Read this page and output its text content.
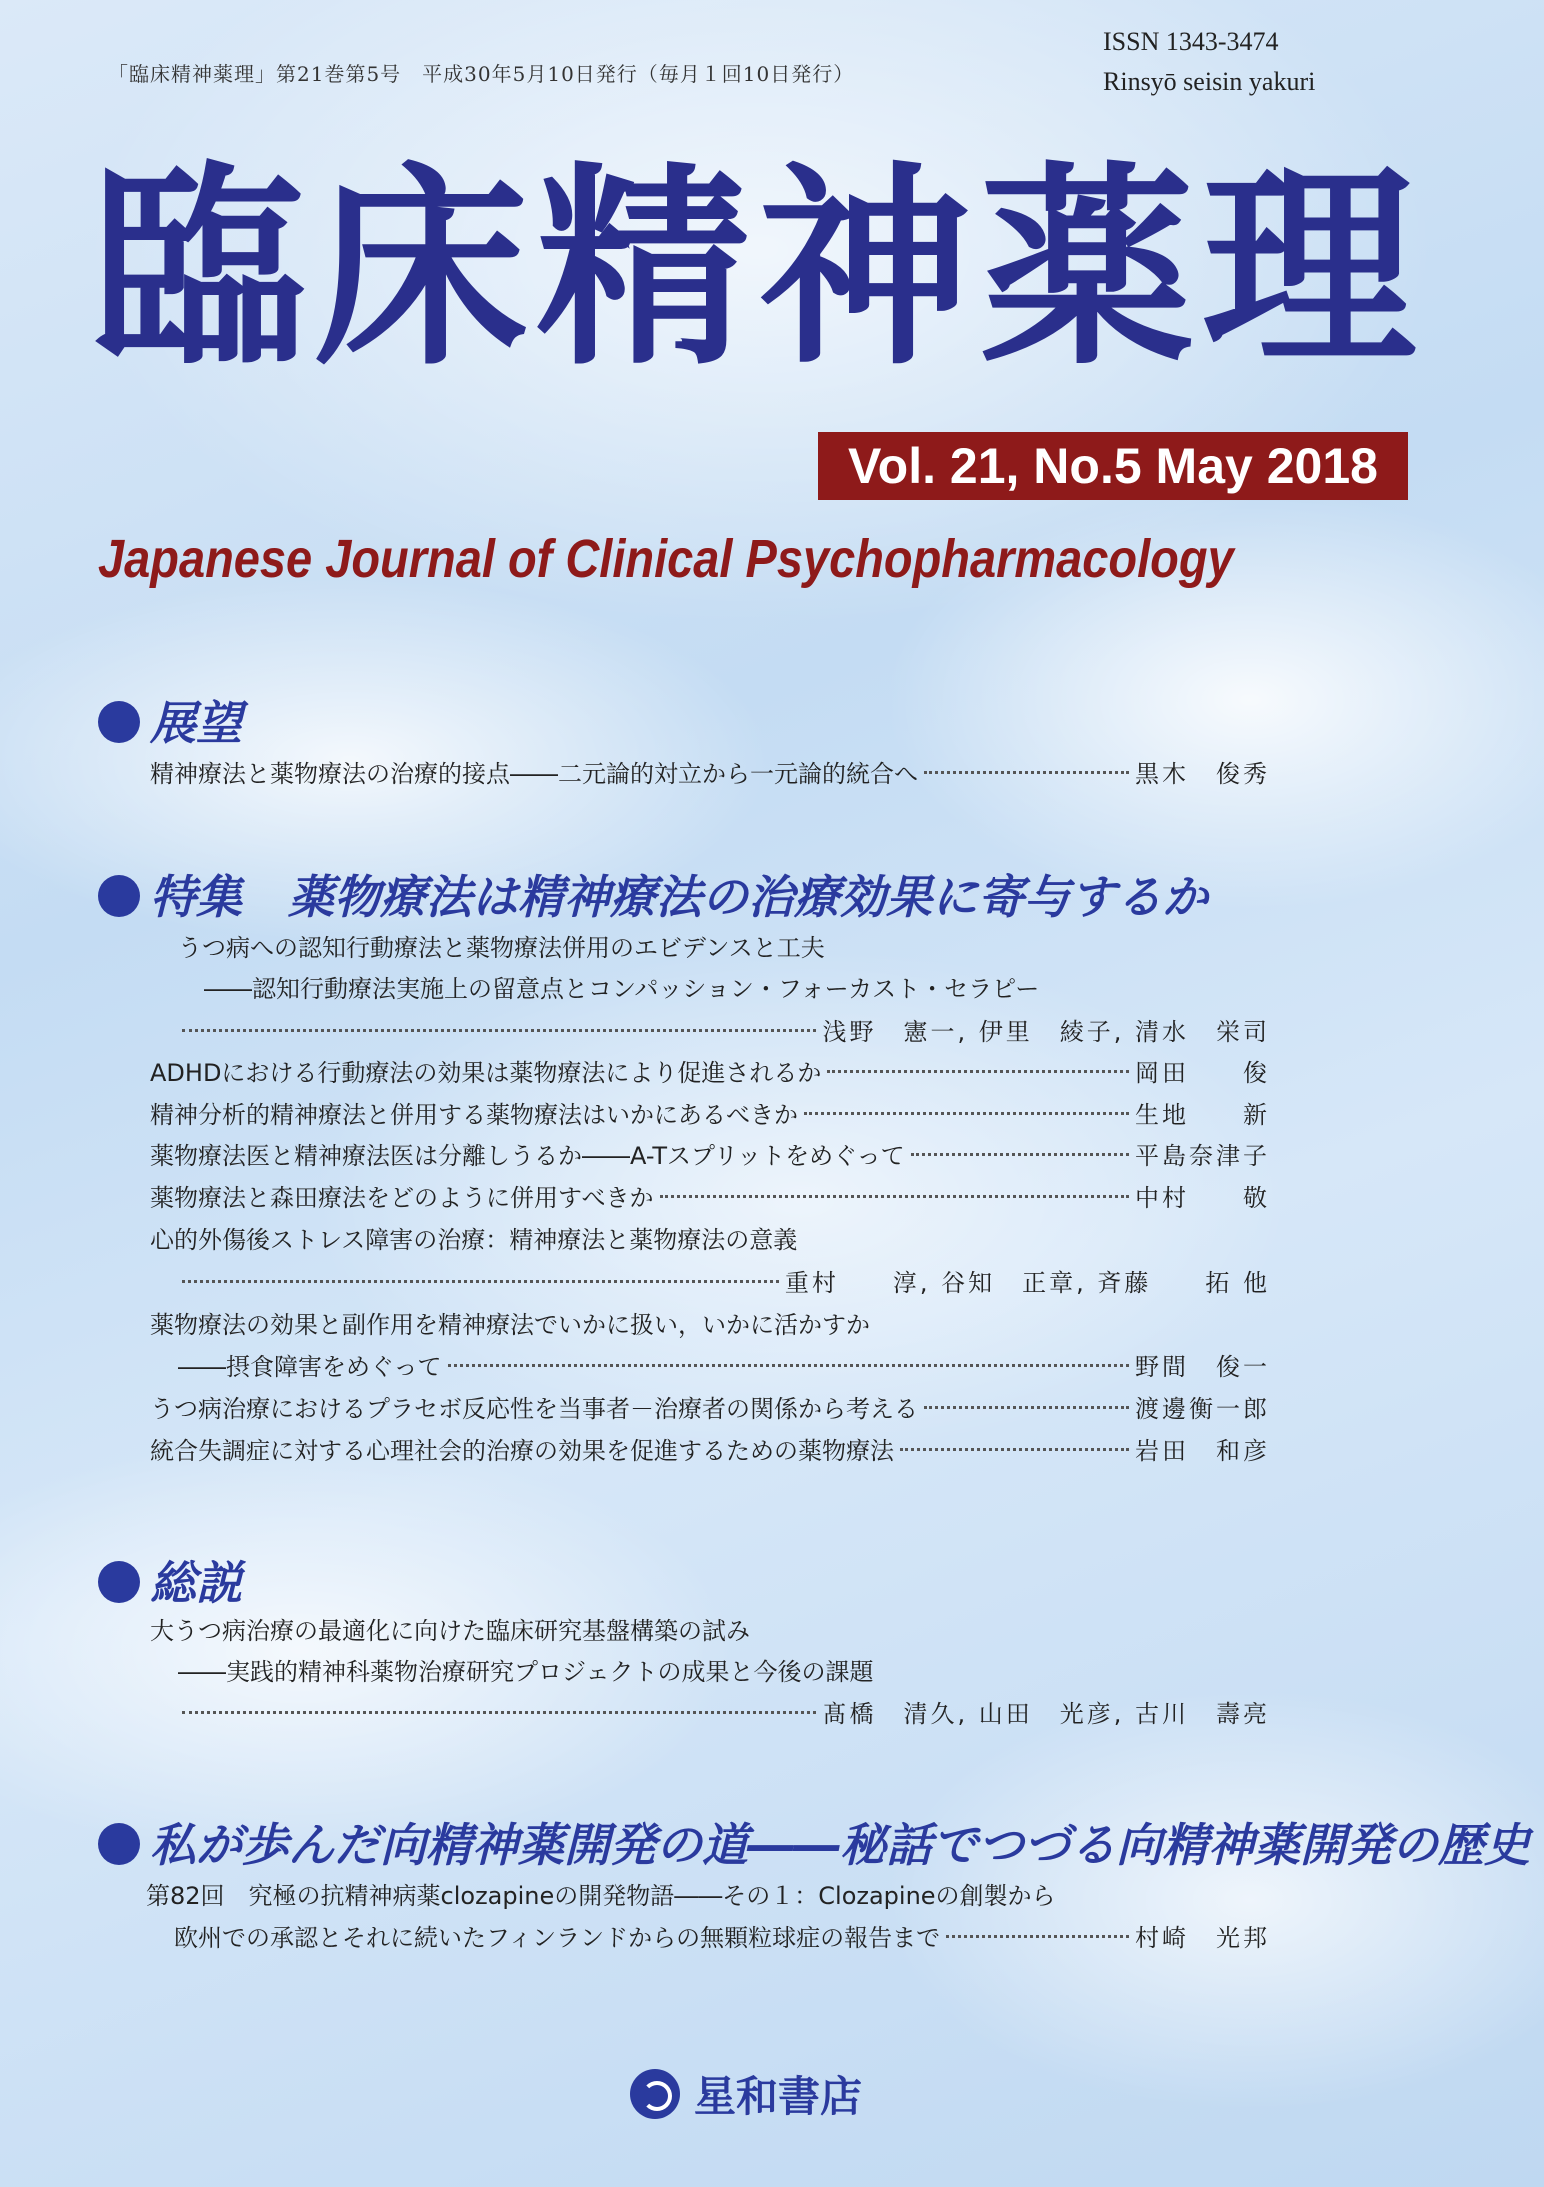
「臨床精神薬理」第21巻第5号　平成30年5月10日発行（毎月１回10日発行）
ISSN 1343-3474
Rinsyō seisin yakuri
臨床精神薬理
Vol. 21, No.5 May 2018
Japanese Journal of Clinical Psychopharmacology
展望
精神療法と薬物療法の治療的接点――二元論的対立から一元論的統合へ	黒木　俊秀
特集　薬物療法は精神療法の治療効果に寄与するか
うつ病への認知行動療法と薬物療法併用のエビデンスと工夫
――認知行動療法実施上の留意点とコンパッション・フォーカスト・セラピー
浅野　憲一, 伊里　綾子, 清水　栄司
ADHDにおける行動療法の効果は薬物療法により促進されるか	岡田　　俊
精神分析的精神療法と併用する薬物療法はいかにあるべきか	生地　　新
薬物療法医と精神療法医は分離しうるか――A-Tスプリットをめぐって	平島奈津子
薬物療法と森田療法をどのように併用すべきか	中村　　敬
心的外傷後ストレス障害の治療：精神療法と薬物療法の意義
重村　　淳, 谷知　正章, 斉藤　　拓 他
薬物療法の効果と副作用を精神療法でいかに扱い，いかに活かすか
――摂食障害をめぐって	野間　俊一
うつ病治療におけるプラセボ反応性を当事者－治療者の関係から考える	渡邊衡一郎
統合失調症に対する心理社会的治療の効果を促進するための薬物療法	岩田　和彦
総説
大うつ病治療の最適化に向けた臨床研究基盤構築の試み
――実践的精神科薬物治療研究プロジェクトの成果と今後の課題
髙橋　清久, 山田　光彦, 古川　壽亮
私が歩んだ向精神薬開発の道――秘話でつづる向精神薬開発の歴史
第82回　究極の抗精神病薬clozapineの開発物語――その１：Clozapineの創製から
欧州での承認とそれに続いたフィンランドからの無顆粒球症の報告まで	村崎　光邦
星和書店
